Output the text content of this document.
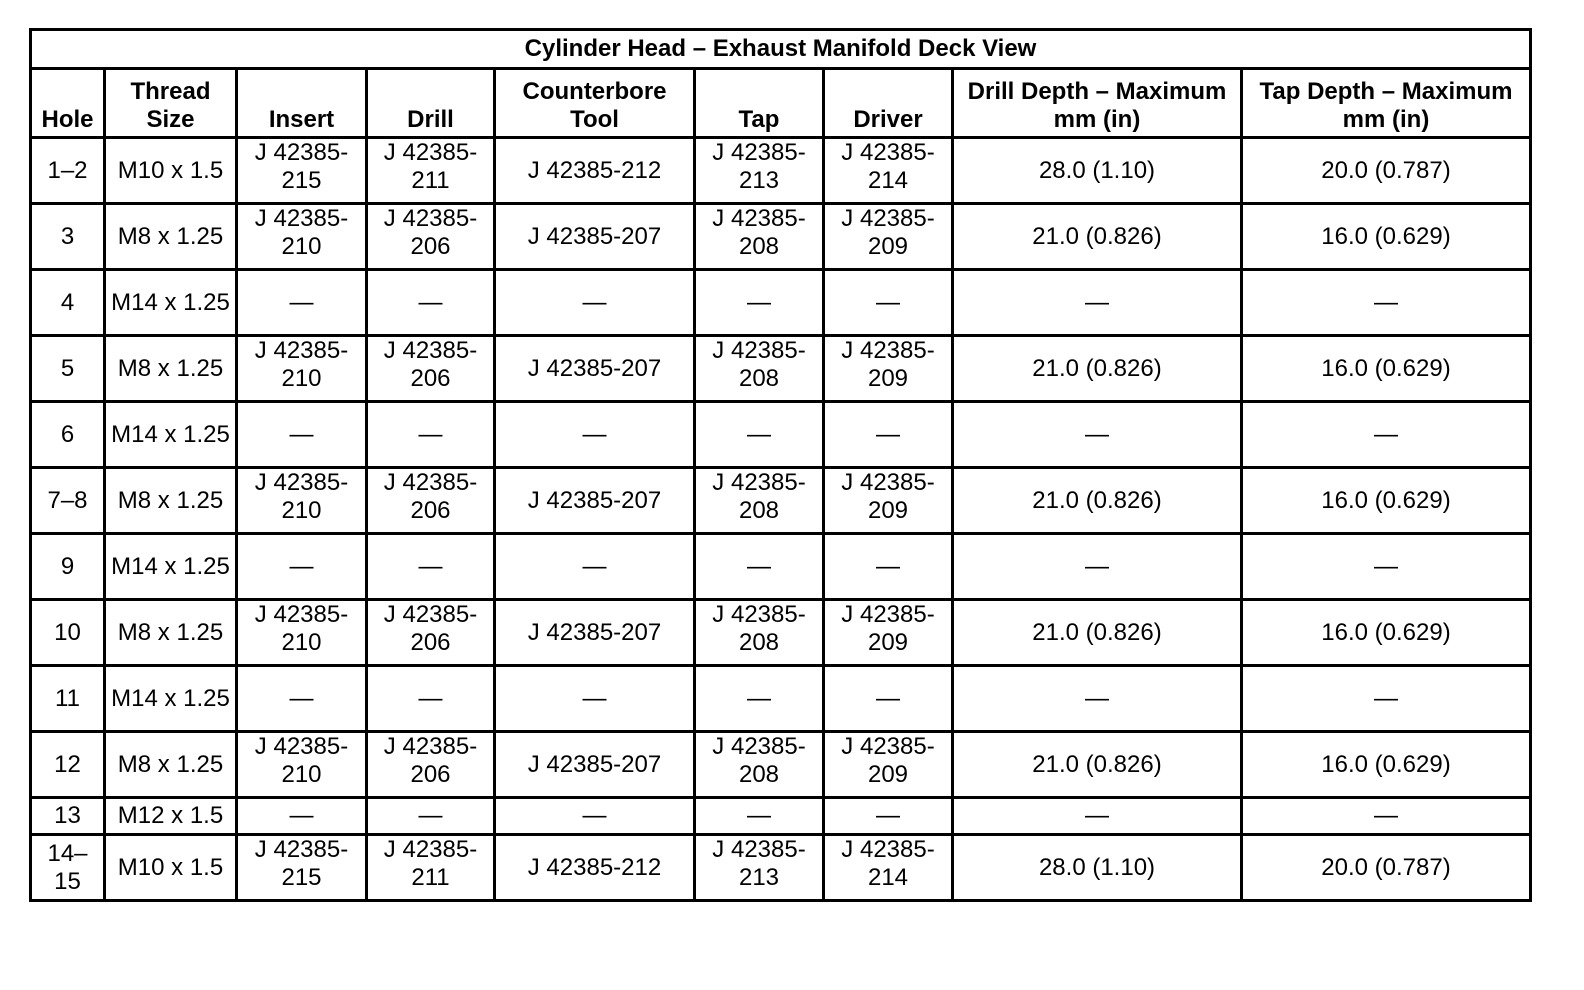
Cylinder Head – Exhaust Manifold Deck View								
Hole	Thread Size	Insert	Drill	Counterbore Tool	Tap	Driver	Drill Depth – Maximum mm (in)	Tap Depth – Maximum mm (in)
1–2	M10 x 1.5	J 42385-215	J 42385-211	J 42385-212	J 42385-213	J 42385-214	28.0 (1.10)	20.0 (0.787)
3	M8 x 1.25	J 42385-210	J 42385-206	J 42385-207	J 42385-208	J 42385-209	21.0 (0.826)	16.0 (0.629)
4	M14 x 1.25	—	—	—	—	—	—	—
5	M8 x 1.25	J 42385-210	J 42385-206	J 42385-207	J 42385-208	J 42385-209	21.0 (0.826)	16.0 (0.629)
6	M14 x 1.25	—	—	—	—	—	—	—
7–8	M8 x 1.25	J 42385-210	J 42385-206	J 42385-207	J 42385-208	J 42385-209	21.0 (0.826)	16.0 (0.629)
9	M14 x 1.25	—	—	—	—	—	—	—
10	M8 x 1.25	J 42385-210	J 42385-206	J 42385-207	J 42385-208	J 42385-209	21.0 (0.826)	16.0 (0.629)
11	M14 x 1.25	—	—	—	—	—	—	—
12	M8 x 1.25	J 42385-210	J 42385-206	J 42385-207	J 42385-208	J 42385-209	21.0 (0.826)	16.0 (0.629)
13	M12 x 1.5	—	—	—	—	—	—	—
14–15	M10 x 1.5	J 42385-215	J 42385-211	J 42385-212	J 42385-213	J 42385-214	28.0 (1.10)	20.0 (0.787)
